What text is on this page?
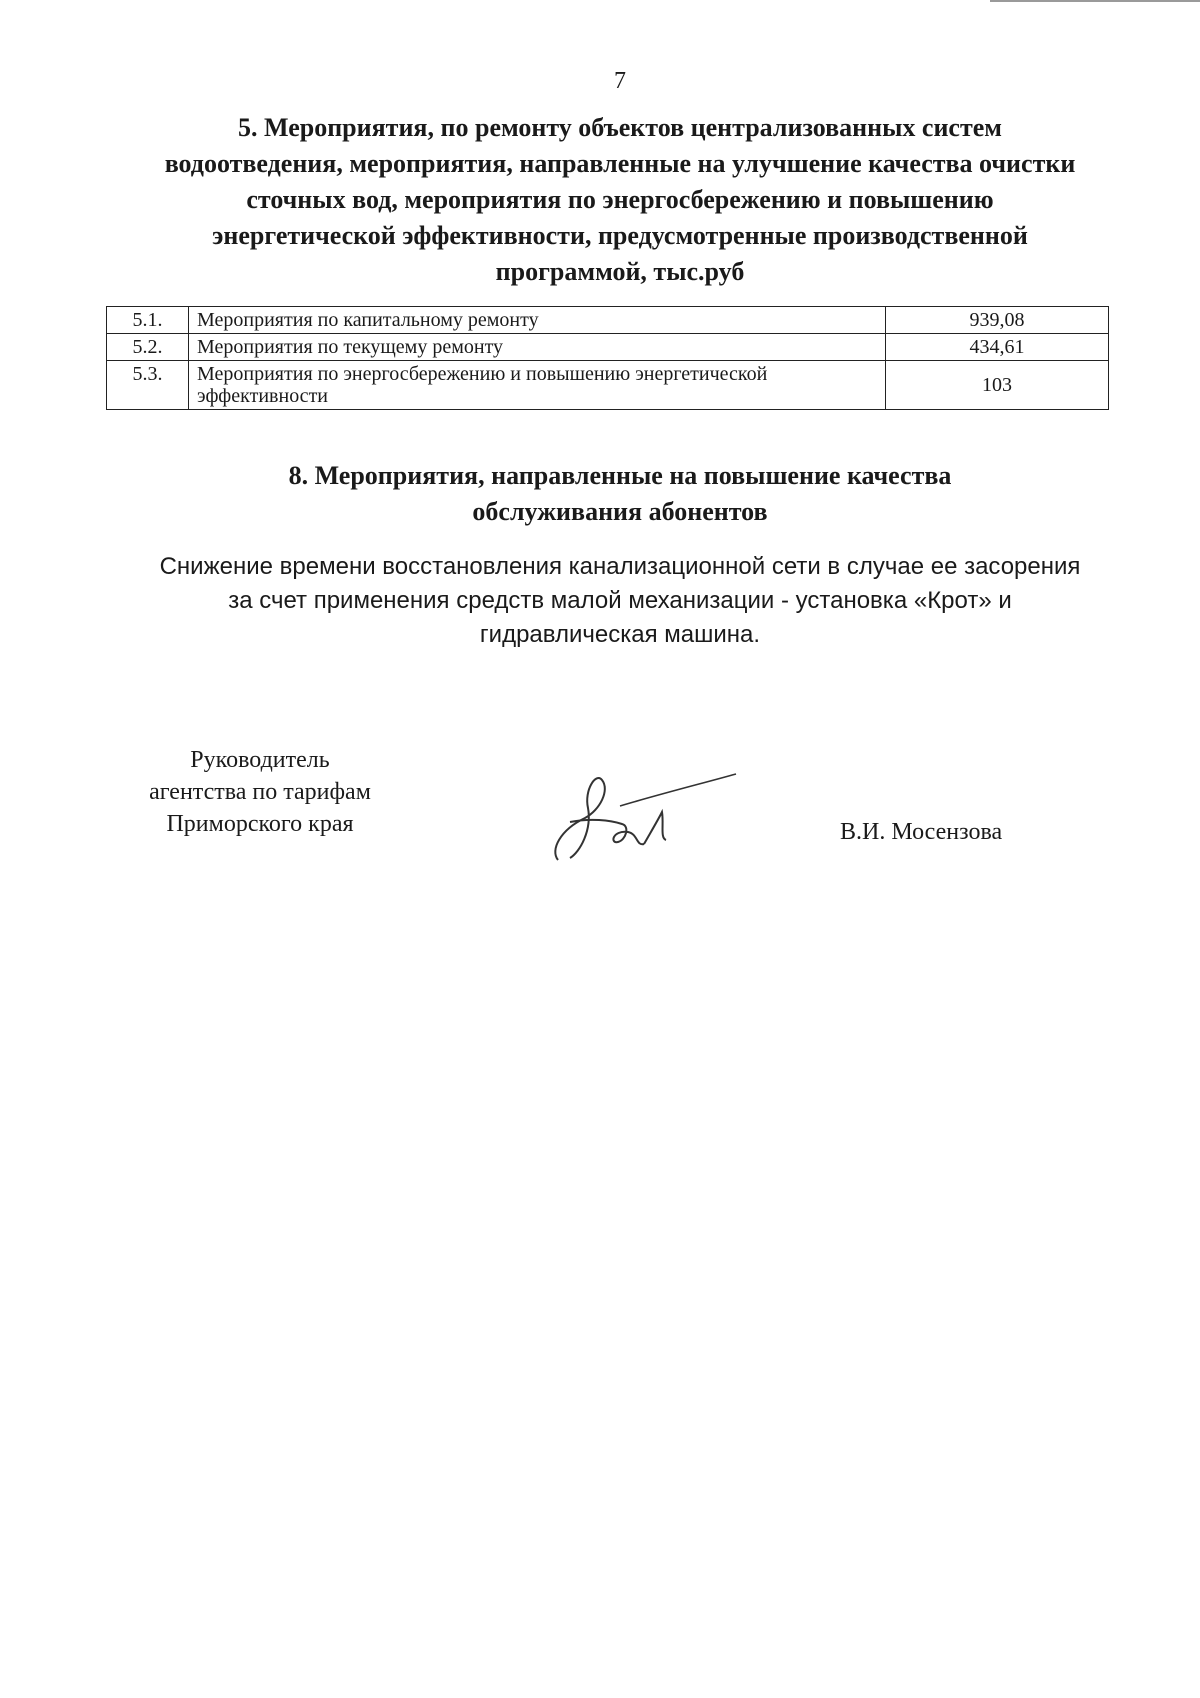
7
5. Мероприятия, по ремонту объектов централизованных систем
водоотведения, мероприятия, направленные на улучшение качества очистки
сточных вод, мероприятия по энергосбережению и повышению
энергетической эффективности, предусмотренные производственной
программой, тыс.руб
5.1.	Мероприятия по капитальному ремонту	939,08
5.2.	Мероприятия по текущему ремонту	434,61
5.3.	Мероприятия по энергосбережению и повышению энергетической эффективности	103
8. Мероприятия, направленные на повышение качества
обслуживания абонентов
Снижение времени восстановления канализационной сети в случае ее засорения
за счет применения средств малой механизации - установка «Крот» и
гидравлическая машина.
Руководитель
агентства по тарифам
Приморского края	В.И. Мосензова
